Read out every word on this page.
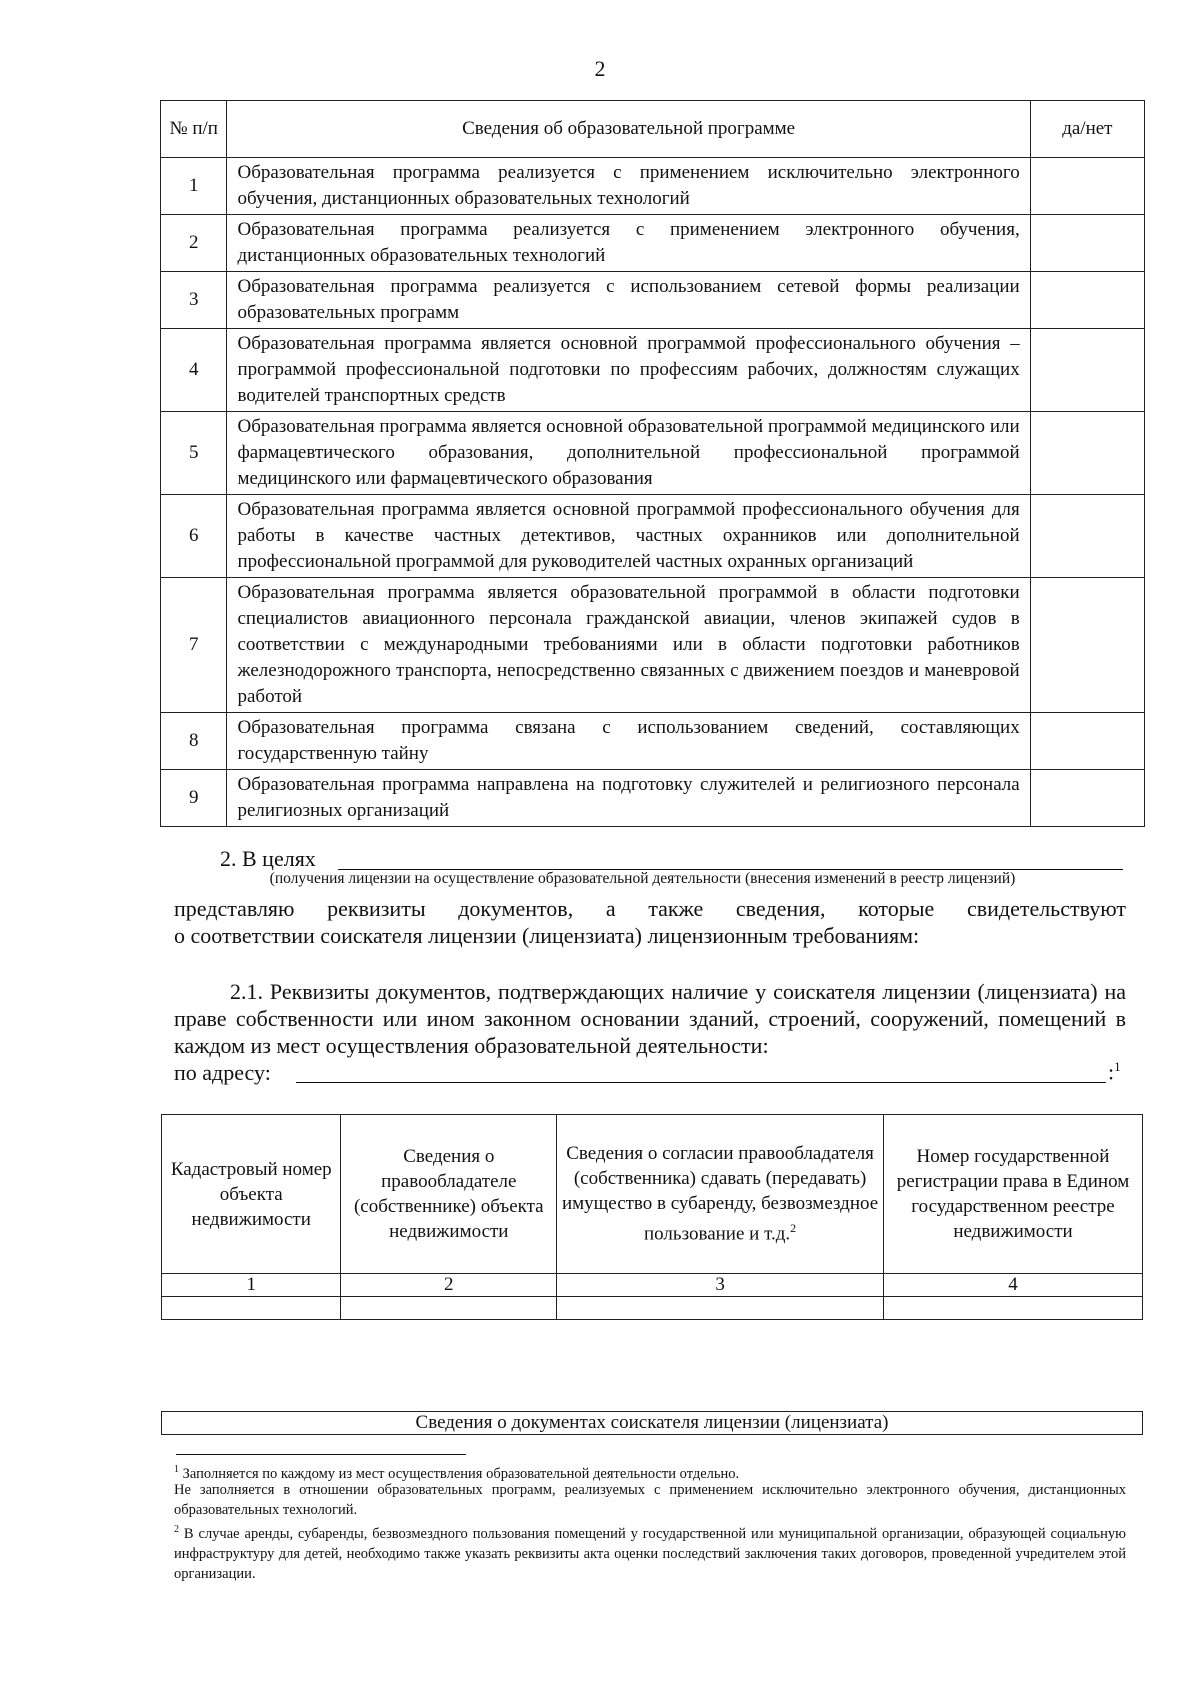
2
№ п/п	Сведения об образовательной программе	да/нет
1	Образовательная программа реализуется с применением исключительно электронного обучения, дистанционных образовательных технологий	
2	Образовательная программа реализуется с применением электронного обучения, дистанционных образовательных технологий	
3	Образовательная программа реализуется с использованием сетевой формы реализации образовательных программ	
4	Образовательная программа является основной программой профессионального обучения – программой профессиональной подготовки по профессиям рабочих, должностям служащих водителей транспортных средств	
5	Образовательная программа является основной образовательной программой медицинского или фармацевтического образования, дополнительной профессиональной программой медицинского или фармацевтического образования	
6	Образовательная программа является основной программой профессионального обучения для работы в качестве частных детективов, частных охранников или дополнительной профессиональной программой для руководителей частных охранных организаций	
7	Образовательная программа является образовательной программой в области подготовки специалистов авиационного персонала гражданской авиации, членов экипажей судов в соответствии с международными требованиями или в области подготовки работников железнодорожного транспорта, непосредственно связанных с движением поездов и маневровой работой	
8	Образовательная программа связана с использованием сведений, составляющих государственную тайну	
9	Образовательная программа направлена на подготовку служителей и религиозного персонала религиозных организаций	
2. В целях
(получения лицензии на осуществление образовательной деятельности (внесения изменений в реестр лицензий)
представляю реквизиты документов, а также сведения, которые свидетельствуют
о соответствии соискателя лицензии (лицензиата) лицензионным требованиям:
2.1. Реквизиты документов, подтверждающих наличие у соискателя лицензии (лицензиата) на праве собственности или ином законном основании зданий, строений, сооружений, помещений в каждом из мест осуществления образовательной деятельности:
по адресу:	:$^1$
Кадастровый номер объекта недвижимости	Сведения о правообладателе (собственнике) объекта недвижимости	Сведения о согласии правообладателя (собственника) сдавать (передавать) имущество в субаренду, безвозмездное пользование и т.д.$^2$	Номер государственной регистрации права в Едином государственном реестре недвижимости
1	2	3	4

Сведения о документах соискателя лицензии (лицензиата)
$^1$ Заполняется по каждому из мест осуществления образовательной деятельности отдельно.
Не заполняется в отношении образовательных программ, реализуемых с применением исключительно электронного обучения, дистанционных образовательных технологий.
$^2$ В случае аренды, субаренды, безвозмездного пользования помещений у государственной или муниципальной организации, образующей социальную инфраструктуру для детей, необходимо также указать реквизиты акта оценки последствий заключения таких договоров, проведенной учредителем этой организации.
